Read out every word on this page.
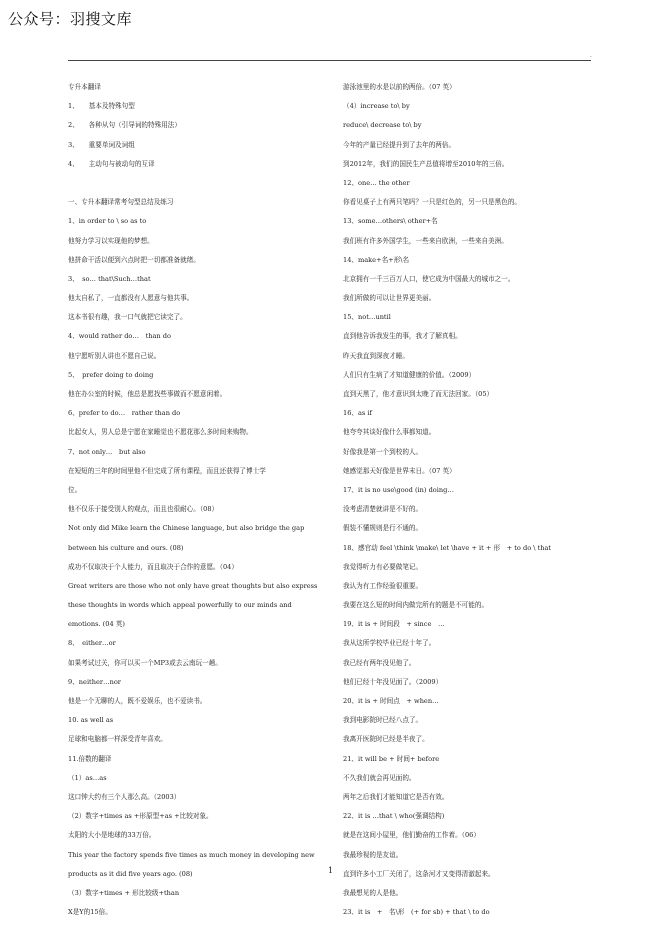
公众号：羽搜文库
.
专升本翻译
1、　　基本及特殊句型
2、　　各种从句（引导词的特殊用法）
3、　　重要单词及词组
4、　　主动句与被动句的互译
一、专升本翻译常考句型总结及练习
1、in order to \ so as to
他努力学习以实现他的梦想。
他拼命干活以便到六点时把一切都准备就绪。
3、　so… that\Such…that
他太自私了，一直都没有人愿意与他共事。
这本书很有趣，我一口气就把它读完了。
4、would rather do…　than do
他宁愿听别人讲也不愿自己说。
5、　prefer doing to doing
他在办公室的时候，他总是愿找些事做而不愿意闲着。
6、prefer to do…　rather than do
比起女人，男人总是宁愿在家睡觉也不愿花那么多时间来购物。
7、not only…　but also
在短短的三年的时间里他不但完成了所有课程，而且还获得了博士学
位。
他不仅乐于接受别人的观点，而且也很耐心。（08）
Not only did Mike learn the Chinese language, but also bridge the gap
between his culture and ours. (08)
成功不仅取决于个人能力，而且取决于合作的意愿。（04）
Great writers are those who not only have great thoughts but also express
these thoughts in words which appeal powerfully to our minds and
emotions. (04 英)
8、　either…or
如果考试过关，你可以买一个MP3或去云南玩一趟。
9、neither…nor
他是一个无聊的人，既不爱娱乐，也不爱读书。
10. as well as
足球和电脑都一样深受青年喜欢。
11.倍数的翻译
（1）as…as
这口钟大约有三个人那么高。（2003）
（2）数字+times as +形原型+as +比较对象。
太阳的大小是地球的33万倍。
This year the factory spends five times as much money in developing new
products as it did five years ago. (08)
（3）数字+times + 形比较级+than
X是Y的15倍。
游泳池里的水是以前的两倍。（07 英）
（4）increase to\ by
reduce\ decrease to\ by
今年的产量已经提升到了去年的两倍。
到2012年，我们的国民生产总值将增至2010年的三倍。
12、one… the other
你看见桌子上有两只笔吗？一只是红色的，另一只是黑色的。
13、some…others\ other+名
我们班有许多外国学生，一些来自欧洲，一些来自美洲。
14、make+名+形\名
北京拥有一千三百万人口，使它成为中国最大的城市之一。
我们所做的可以让世界更美丽。
15、not…until
直到他告诉我发生的事，我才了解真相。
昨天我直到深夜才睡。
人们只有生病了才知道健康的价值。（2009）
直到天黑了，他才意识到太晚了而无法回家。（05）
16、as if
他夸夸其谈好像什么事都知道。
好像我是第一个到校的人。
她感觉那天好像是世界末日。（07 英）
17、it is no use\good (in) doing…
没考虑清楚就讲是不好的。
假装不懂规则是行不通的。
18、感官动 feel \think \make\ let \have + it + 形　+ to do \ that
我觉得听力有必要做笔记。
我认为有工作经验很重要。
我要在这么短的时间内做完所有的题是不可能的。
19、it is + 时间段　+ since　…
我从这所学校毕业已经十年了。
我已经有两年没见他了。
他们已经十年没见面了。（2009）
20、it is + 时间点　+ when…
我到电影院时已经八点了。
我离开医院时已经是半夜了。
21、it will be + 时间+ before
不久我们就会再见面的。
两年之后我们才能知道它是否有效。
22、it is …that \ who(强调结构)
就是在这间小屋里，他们勤奋的工作着。（06）
我最珍视的是友谊。
直到许多小工厂关闭了，这条河才又变得清澈起来。
我最想见的人是他。
23、it is　+　名\形　(+ for sb) + that \ to do
1
